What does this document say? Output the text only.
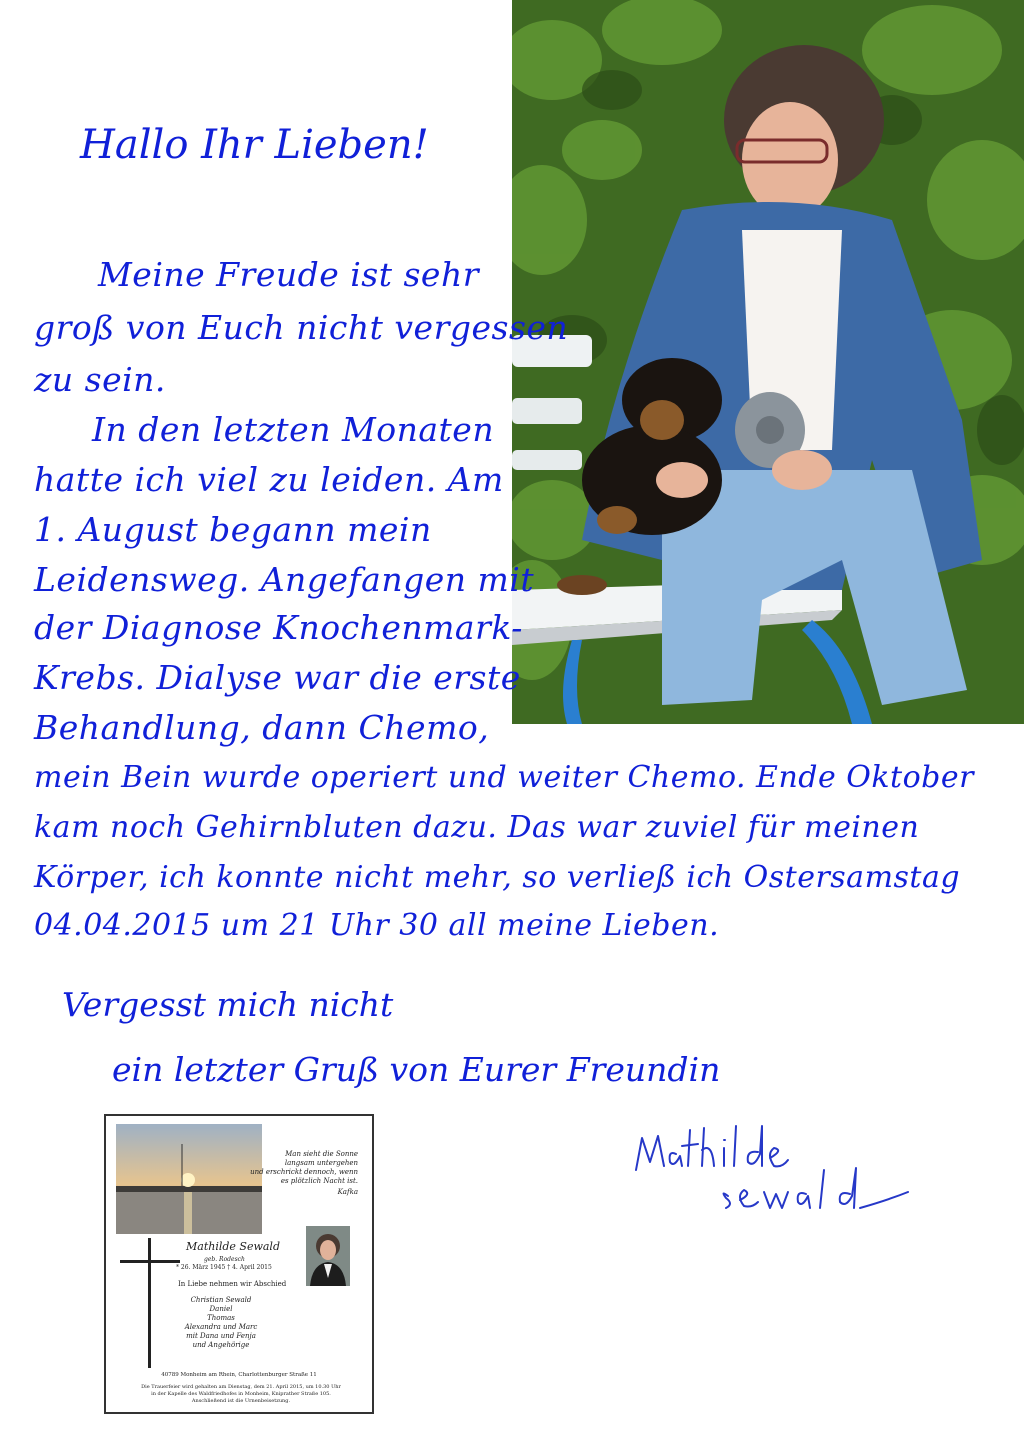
Hallo Ihr Lieben!
Meine Freude ist sehr
groß von Euch nicht vergessen
zu sein.
In den letzten Monaten
hatte ich viel zu leiden. Am
1. August begann mein
Leidensweg. Angefangen mit
der Diagnose Knochenmark-
Krebs. Dialyse war die erste
Behandlung, dann Chemo,
mein Bein wurde operiert und weiter Chemo. Ende Oktober
kam noch Gehirnbluten dazu. Das war zuviel für meinen
Körper, ich konnte nicht mehr, so verließ ich Ostersamstag
04.04.2015 um 21 Uhr 30 all meine Lieben.
Vergesst mich nicht
ein letzter Gruß von Eurer Freundin
Man sieht die Sonne
langsam untergehen
und erschrickt dennoch, wenn
es plötzlich Nacht ist.
Kafka
Mathilde Sewald
geb. Rodesch
* 26. März 1945 † 4. April 2015
In Liebe nehmen wir Abschied
Christian Sewald
Daniel
Thomas
Alexandra und Marc
mit Dana und Fenja
und Angehörige
40789 Monheim am Rhein, Charlottenburger Straße 11
Die Trauerfeier wird gehalten am Dienstag, dem 21. April 2015, um 10.30 Uhr
in der Kapelle des Waldfriedhofes in Monheim, Kniprather Straße 105.
Anschließend ist die Urnenbeisetzung.
